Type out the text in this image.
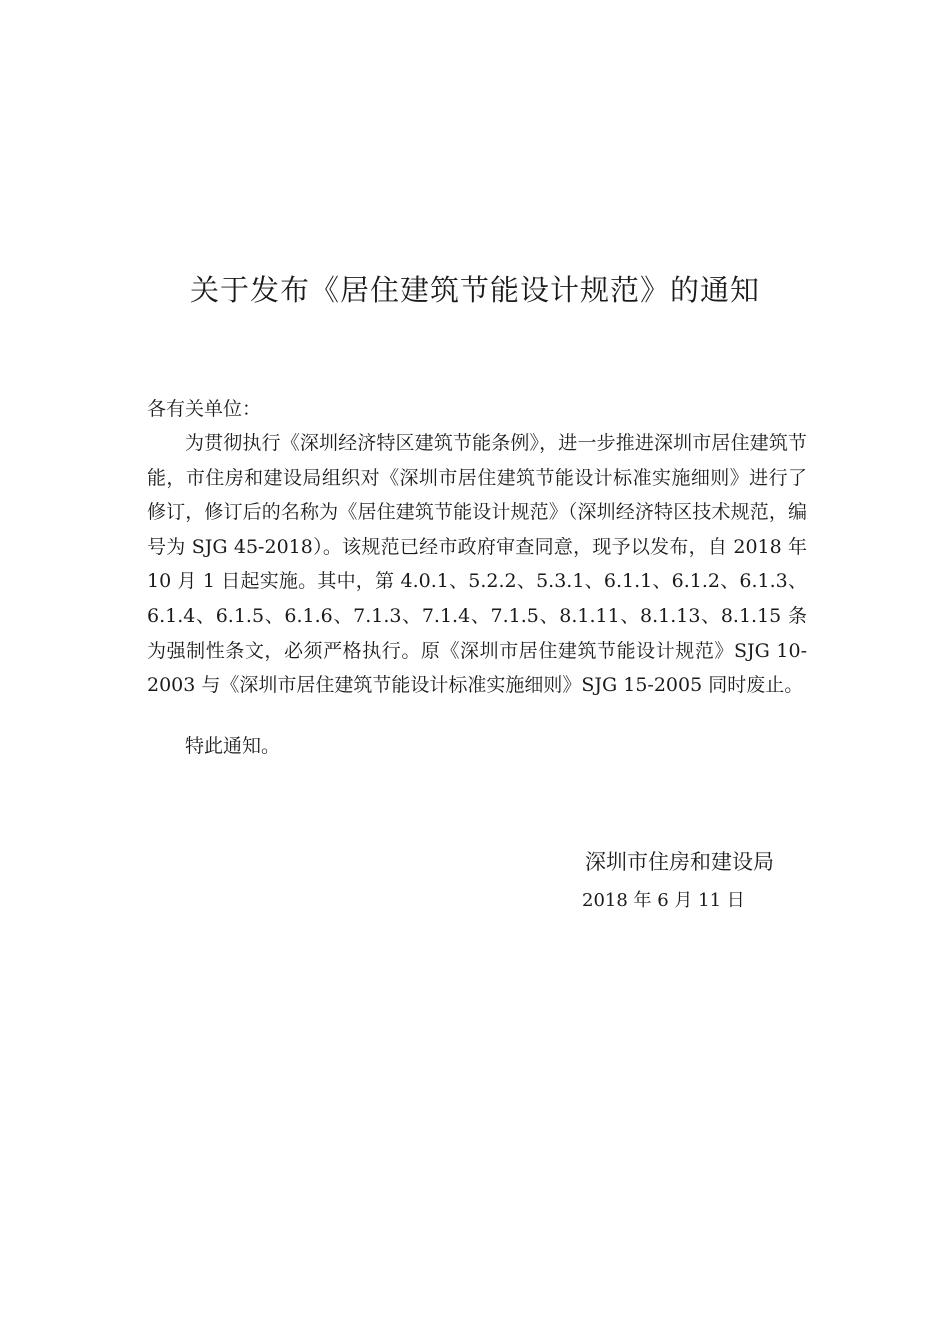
关于发布《居住建筑节能设计规范》的通知

各有关单位：

为贯彻执行《深圳经济特区建筑节能条例》，进一步推进深圳市居住建筑节能，市住房和建设局组织对《深圳市居住建筑节能设计标准实施细则》进行了修订，修订后的名称为《居住建筑节能设计规范》（深圳经济特区技术规范，编号为 SJG 45-2018）。该规范已经市政府审查同意，现予以发布，自 2018 年 10 月 1 日起实施。其中，第 4.0.1、5.2.2、5.3.1、6.1.1、6.1.2、6.1.3、6.1.4、6.1.5、6.1.6、7.1.3、7.1.4、7.1.5、8.1.11、8.1.13、8.1.15 条为强制性条文，必须严格执行。原《深圳市居住建筑节能设计规范》SJG 10-2003 与《深圳市居住建筑节能设计标准实施细则》SJG 15-2005 同时废止。

特此通知。

深圳市住房和建设局

2018 年 6 月 11 日
